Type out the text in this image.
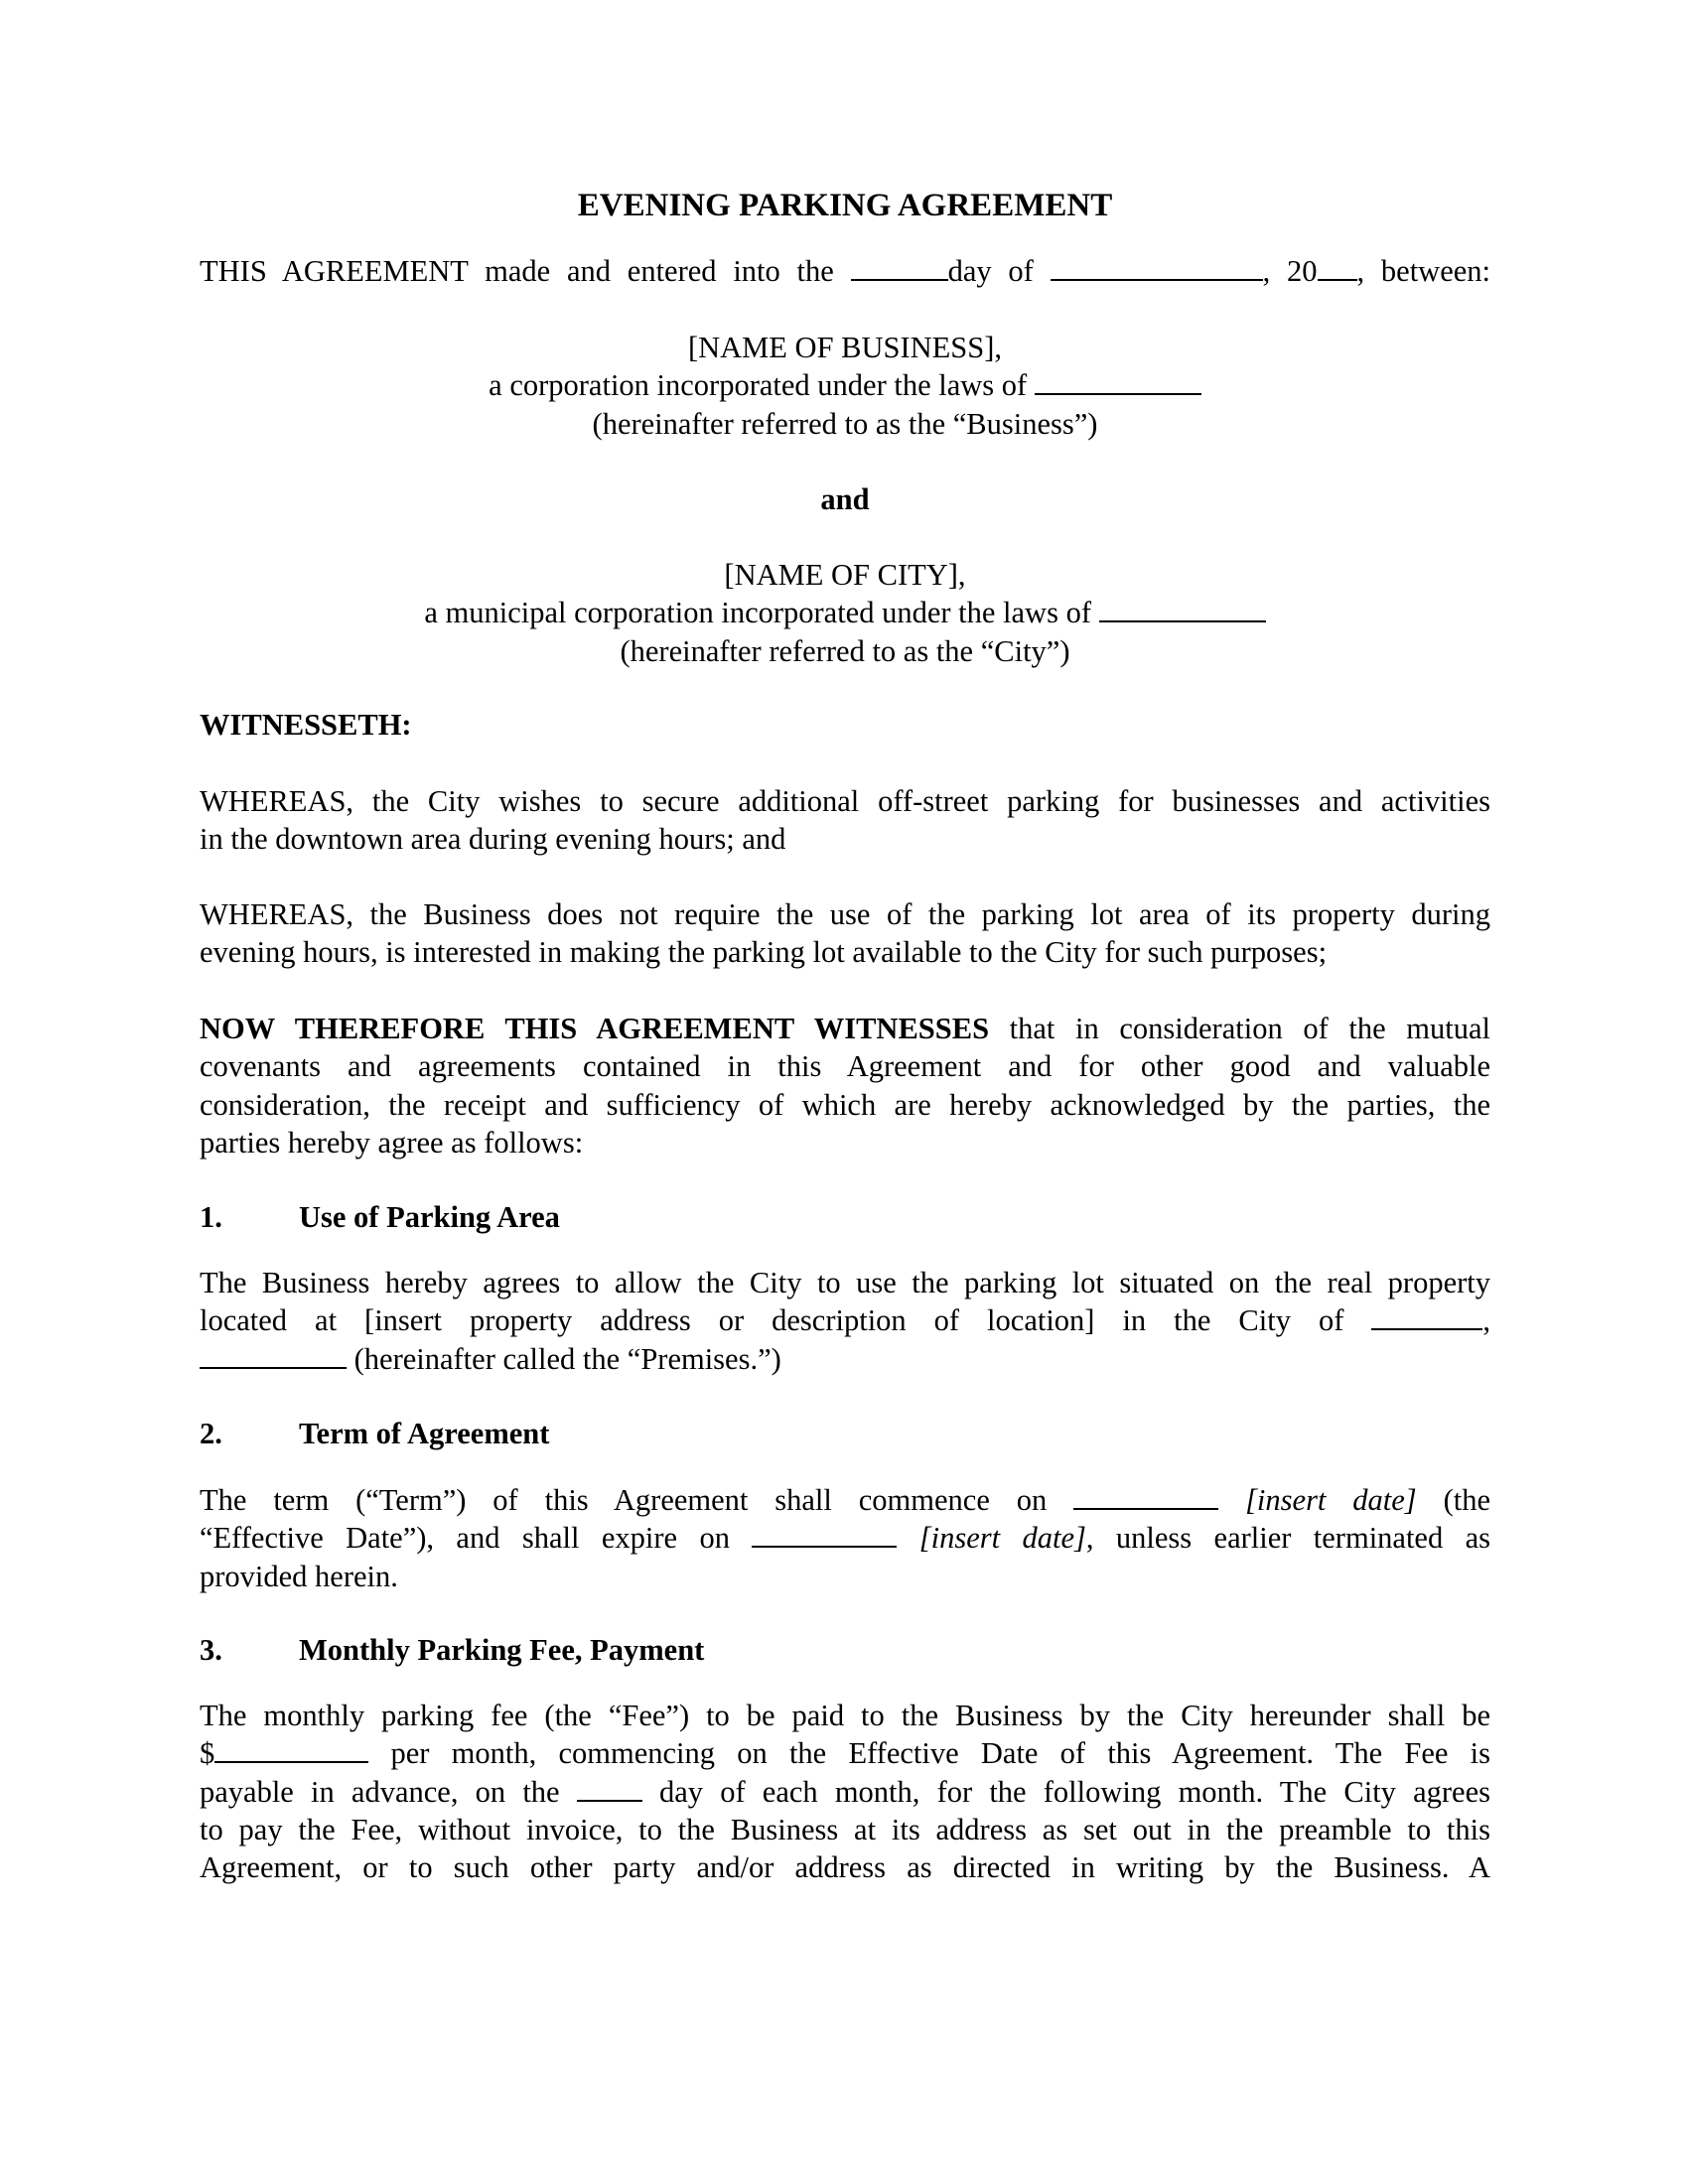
EVENING PARKING AGREEMENT
THIS AGREEMENT made and entered into the	day of	, 20 , between:
[NAME OF BUSINESS],
a corporation incorporated under the laws of
(hereinafter referred to as the “Business”)
and
[NAME OF CITY],
a municipal corporation incorporated under the laws of
(hereinafter referred to as the “City”)
WITNESSETH:
WHEREAS, the City wishes to secure additional off-street parking for businesses and activities
in the downtown area during evening hours; and
WHEREAS, the Business does not require the use of the parking lot area of its property during
evening hours, is interested in making the parking lot available to the City for such purposes;
NOW THEREFORE THIS AGREEMENT WITNESSES that in consideration of the mutual
covenants and agreements contained in this Agreement and for other good and valuable
consideration, the receipt and sufficiency of which are hereby acknowledged by the parties, the
parties hereby agree as follows:
1.	Use of Parking Area
The Business hereby agrees to allow the City to use the parking lot situated on the real property
located at [insert property address or description of location] in the City of	,
(hereinafter called the “Premises.”)
2.	Term of Agreement
The term (“Term”) of this Agreement shall commence on	[insert date] (the
“Effective Date”), and shall expire on	[insert date], unless earlier terminated as
provided herein.
3.	Monthly Parking Fee, Payment
The monthly parking fee (the “Fee”) to be paid to the Business by the City hereunder shall be
$	per month, commencing on the Effective Date of this Agreement. The Fee is
payable in advance, on the  day of each month, for the following month. The City agrees
to pay the Fee, without invoice, to the Business at its address as set out in the preamble to this
Agreement, or to such other party and/or address as directed in writing by the Business. A
